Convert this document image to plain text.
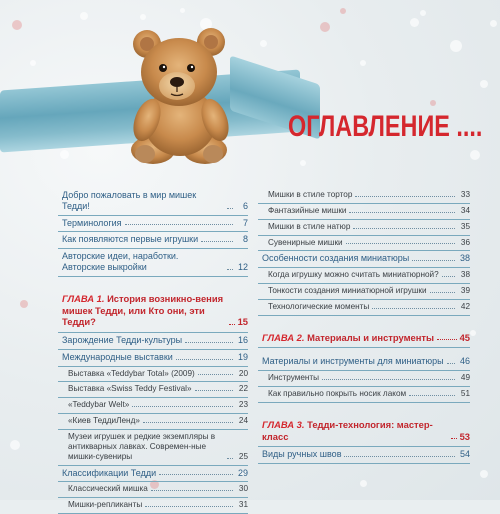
ОГЛАВЛЕНИЕ ....
Добро пожаловать в мир мишек Тедди!	6
Терминология	7
Как появляются первые игрушки	8
Авторские идеи, наработки. Авторские выкройки	12
ГЛАВА 1. История возникно-вения мишек Тедди, или Кто они, эти Тедди?	15
Зарождение Тедди-культуры	16
Международные выставки	19
Выставка «Teddybar Total» (2009)	20
Выставка «Swiss Teddy Festival»	22
«Teddybar Welt»	23
«Киев ТеддиЛенд»	24
Музеи игрушек и редкие экземпляры в антикварных лавках. Современ-ные мишки-сувениры	25
Классификации Тедди	29
Классический мишка	30
Мишки-репликанты	31
Мишки в стиле тортор	33
Фантазийные мишки	34
Мишки в стиле натюр	35
Сувенирные мишки	36
Особенности создания миниатюры	38
Когда игрушку можно считать миниатюрной?	38
Тонкости создания миниатюрной игрушки	39
Технологические моменты	42
ГЛАВА 2. Материалы и инструменты	45
Материалы и инструменты для миниатюры 46
Инструменты	49
Как правильно покрыть носик лаком	51
ГЛАВА 3. Тедди-технология: мастер-класс	53
Виды ручных швов	54
